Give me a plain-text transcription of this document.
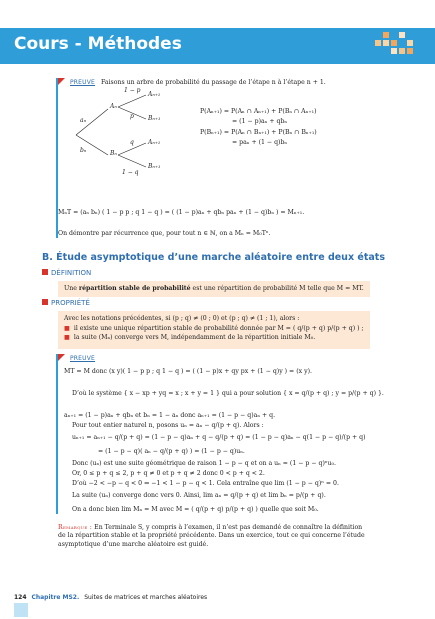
Cours - Méthodes
PREUVE Faisons un arbre de probabilité du passage de l’étape n à l’étape n + 1.
1 − p
Aₙ
Aₙ₊₁
p Bₙ₊₁
aₙ
bₙ	Bₙ
q Aₙ₊₁
1 − q
Bₙ₊₁
P(Aₙ₊₁) = P(Aₙ ∩ Aₙ₊₁) + P(Bₙ ∩ Aₙ₊₁)
= (1 − p)aₙ + qbₙ
P(Bₙ₊₁) = P(Aₙ ∩ Bₙ₊₁) + P(Bₙ ∩ Bₙ₊₁)
= paₙ + (1 − q)bₙ
MₙT = (aₙ bₙ) ( 1 − p p ; q 1 − q ) = ( (1 − p)aₙ + qbₙ paₙ + (1 − q)bₙ ) = Mₙ₊₁.
On démontre par récurrence que, pour tout n ∈ ℕ, on a Mₙ = M₀Tⁿ.
B. Étude asymptotique d’une marche aléatoire entre deux états
DÉFINITION
Une répartition stable de probabilité est une répartition de probabilité M telle que M = MT.
PROPRIÉTÉ
Avec les notations précédentes, si (p ; q) ≠ (0 ; 0) et (p ; q) ≠ (1 ; 1), alors :
■ il existe une unique répartition stable de probabilité donnée par M = ( q/(p + q) p/(p + q) ) ;
■ la suite (Mₙ) converge vers M, indépendamment de la répartition initiale M₀.
PREUVE
MT = M donc (x y)( 1 − p p ; q 1 − q ) = ( (1 − p)x + qy px + (1 − q)y ) = (x y).
D’où le système { x − xp + yq = x ; x + y = 1 } qui a pour solution { x = q/(p + q) ; y = p/(p + q) }.
aₙ₊₁ = (1 − p)aₙ + qbₙ et bₙ = 1 − aₙ donc aₙ₊₁ = (1 − p − q)aₙ + q.
Pour tout entier naturel n, posons uₙ = aₙ − q/(p + q). Alors :
uₙ₊₁ = aₙ₊₁ − q/(p + q) = (1 − p − q)aₙ + q − q/(p + q) = (1 − p − q)aₙ − q(1 − p − q)/(p + q)
= (1 − p − q)( aₙ − q/(p + q) ) = (1 − p − q)uₙ.
Donc (uₙ) est une suite géométrique de raison 1 − p − q et on a uₙ = (1 − p − q)ⁿu₀.
Or, 0 ≤ p + q ≤ 2, p + q ≠ 0 et p + q ≠ 2 donc 0 < p + q < 2.
D’où −2 < −p − q < 0 ⇔ −1 < 1 − p − q < 1. Cela entraîne que lim (1 − p − q)ⁿ = 0.
La suite (uₙ) converge donc vers 0. Ainsi, lim aₙ = q/(p + q) et lim bₙ = p/(p + q).
On a donc bien lim Mₙ = M avec M = ( q/(p + q) p/(p + q) ) quelle que soit M₀.
Remarque : En Terminale S, y compris à l’examen, il n’est pas demandé de connaître la définition de la répartition stable et la propriété précédente. Dans un exercice, tout ce qui concerne l’étude asymptotique d’une marche aléatoire est guidé.
124 Chapitre MS2. Suites de matrices et marches aléatoires
